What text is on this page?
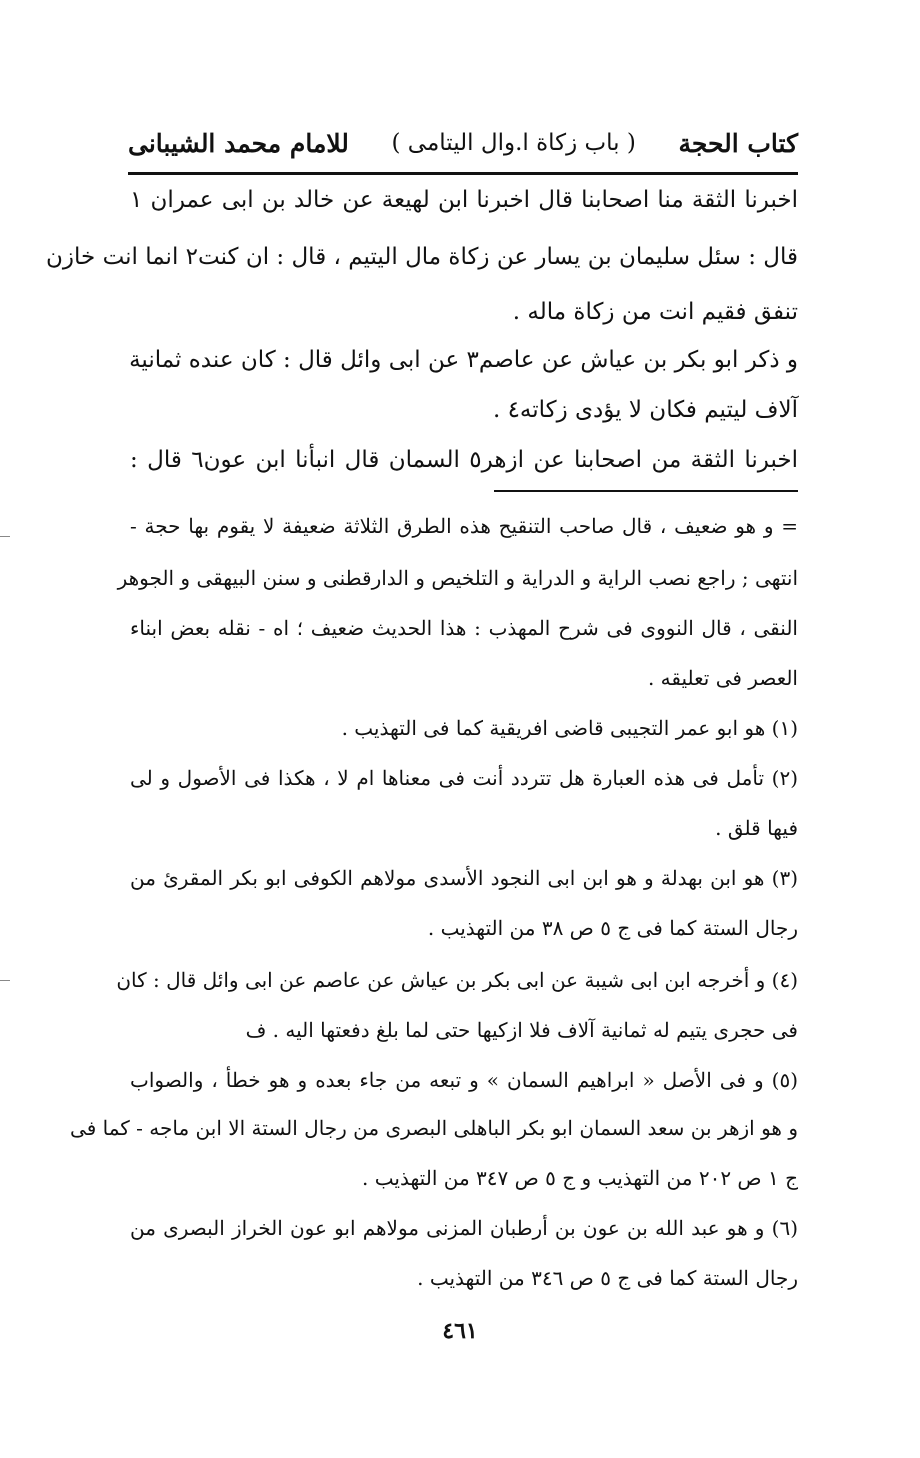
كتاب الحجة
( باب زكاة ا.وال اليتامى )
للامام محمد الشيبانى
اخبرنا الثقة منا اصحابنا قال اخبرنا ابن لهيعة عن خالد بن ابى عمران ١
قال : سئل سليمان بن يسار عن زكاة مال اليتيم ، قال : ان كنت٢ انما انت خازن
تنفق فقيم انت من زكاة ماله .
و ذكر ابو بكر بن عياش عن عاصم٣ عن ابى وائل قال : كان عنده ثمانية
آلاف ليتيم فكان لا يؤدى زكاته٤ .
اخبرنا الثقة من اصحابنا عن ازهر٥ السمان قال انبأنا ابن عون٦ قال :
= و هو ضعيف ، قال صاحب التنقيح هذه الطرق الثلاثة ضعيفة لا يقوم بها حجة -
انتهى ; راجع نصب الراية و الدراية و التلخيص و الدارقطنى و سنن البيهقى و الجوهر
النقى ، قال النووى فى شرح المهذب : هذا الحديث ضعيف ؛ اه - نقله بعض ابناء
العصر فى تعليقه .
(١) هو ابو عمر التجيبى قاضى افريقية كما فى التهذيب .
(٢) تأمل فى هذه العبارة هل تتردد أنت فى معناها ام لا ، هكذا فى الأصول و لى
فيها قلق .
(٣) هو ابن بهدلة و هو ابن ابى النجود الأسدى مولاهم الكوفى ابو بكر المقرئ من
رجال الستة كما فى ج ٥ ص ٣٨ من التهذيب .
(٤) و أخرجه ابن ابى شيبة عن ابى بكر بن عياش عن عاصم عن ابى وائل قال : كان
فى حجرى يتيم له ثمانية آلاف فلا ازكيها حتى لما بلغ دفعتها اليه . ف
(٥) و فى الأصل « ابراهيم السمان » و تبعه من جاء بعده و هو خطأ ، والصواب
و هو ازهر بن سعد السمان ابو بكر الباهلى البصرى من رجال الستة الا ابن ماجه - كما فى
ج ١ ص ٢٠٢ من التهذيب و ج ٥ ص ٣٤٧ من التهذيب .
(٦) و هو عبد الله بن عون بن أرطبان المزنى مولاهم ابو عون الخراز البصرى من
رجال الستة كما فى ج ٥ ص ٣٤٦ من التهذيب .
٤٦١
